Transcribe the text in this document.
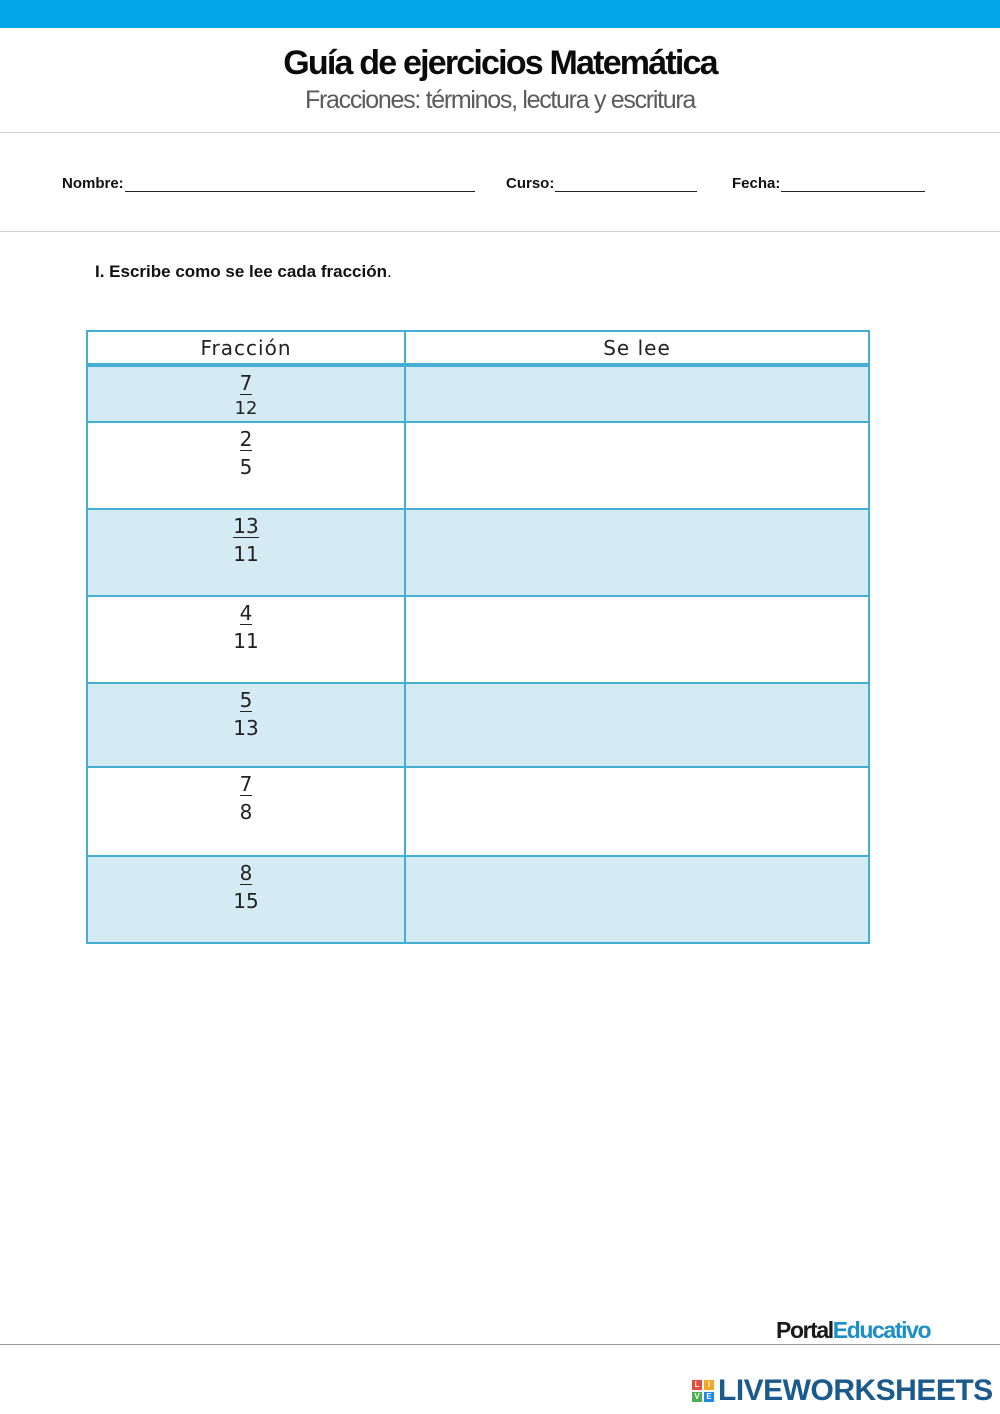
Guía de ejercicios Matemática
Fracciones: términos, lectura y escritura
Nombre:	Curso:	Fecha:
I. Escribe como se lee cada fracción.
Fracción	Se lee
7
12	

2
5	

13
11	

4
11	

5
13	

7
8	

8
15	

PortalEducativo
L	I
V E LIVEWORKSHEETS
